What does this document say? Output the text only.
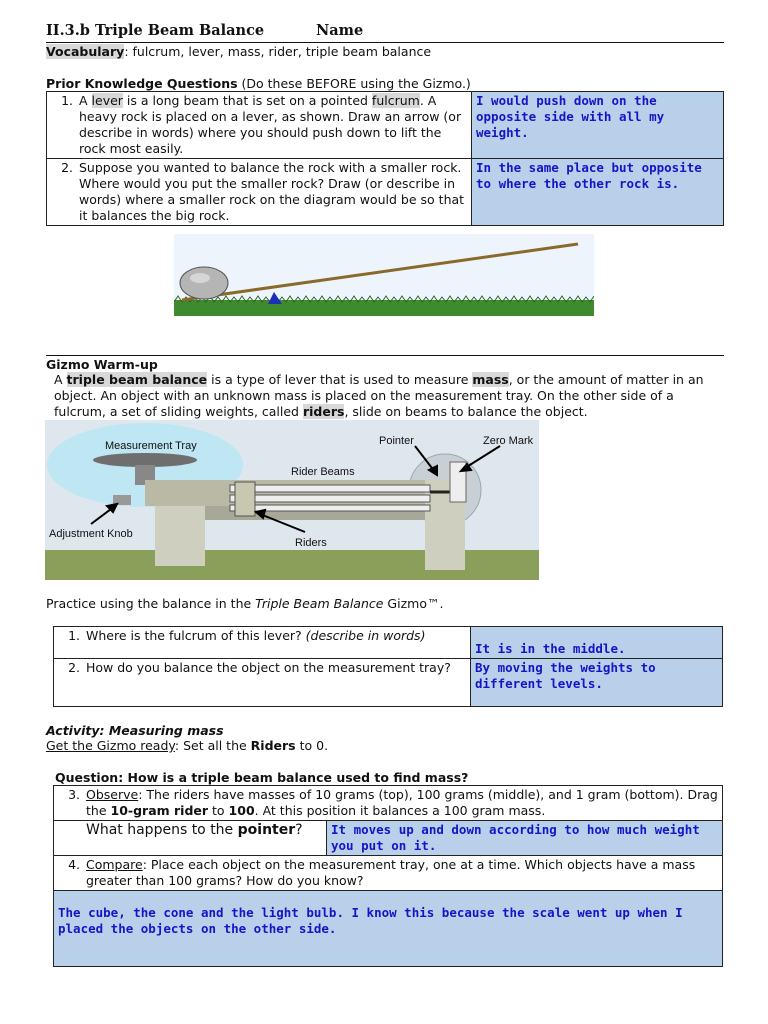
II.3.b Triple Beam Balance	Name
Vocabulary: fulcrum, lever, mass, rider, triple beam balance
Prior Knowledge Questions (Do these BEFORE using the Gizmo.)
1. A lever is a long beam that is set on a pointed fulcrum. A heavy rock is placed on a lever, as shown. Draw an arrow (or describe in words) where you should push down to lift the rock most easily.	I would push down on the opposite side with all my weight.

2. Suppose you wanted to balance the rock with a smaller rock. Where would you put the smaller rock? Draw (or describe in words) where a smaller rock on the diagram would be so that it balances the big rock.	In the same place but opposite to where the other rock is.
Gizmo Warm-up
A triple beam balance is a type of lever that is used to measure mass, or the amount of matter in an object. An object with an unknown mass is placed on the measurement tray. On the other side of a fulcrum, a set of sliding weights, called riders, slide on beams to balance the object.
Measurement Tray	Pointer	Zero Mark
Rider Beams
Adjustment Knob
Riders
Practice using the balance in the Triple Beam Balance Gizmo™.
1. Where is the fulcrum of this lever? (describe in words)	It is in the middle.
2. How do you balance the object on the measurement tray?	By moving the weights to different levels.
Activity: Measuring mass
Get the Gizmo ready: Set all the Riders to 0.
Question: How is a triple beam balance used to find mass?
3. Observe: The riders have masses of 10 grams (top), 100 grams (middle), and 1 gram (bottom). Drag the 10-gram rider to 100. At this position it balances a 100 gram mass.

What happens to the pointer?	It moves up and down according to how much weight you put on it.

4. Compare: Place each object on the measurement tray, one at a time. Which objects have a mass greater than 100 grams? How do you know?

The cube, the cone and the light bulb. I know this because the scale went up when I placed the objects on the other side.
